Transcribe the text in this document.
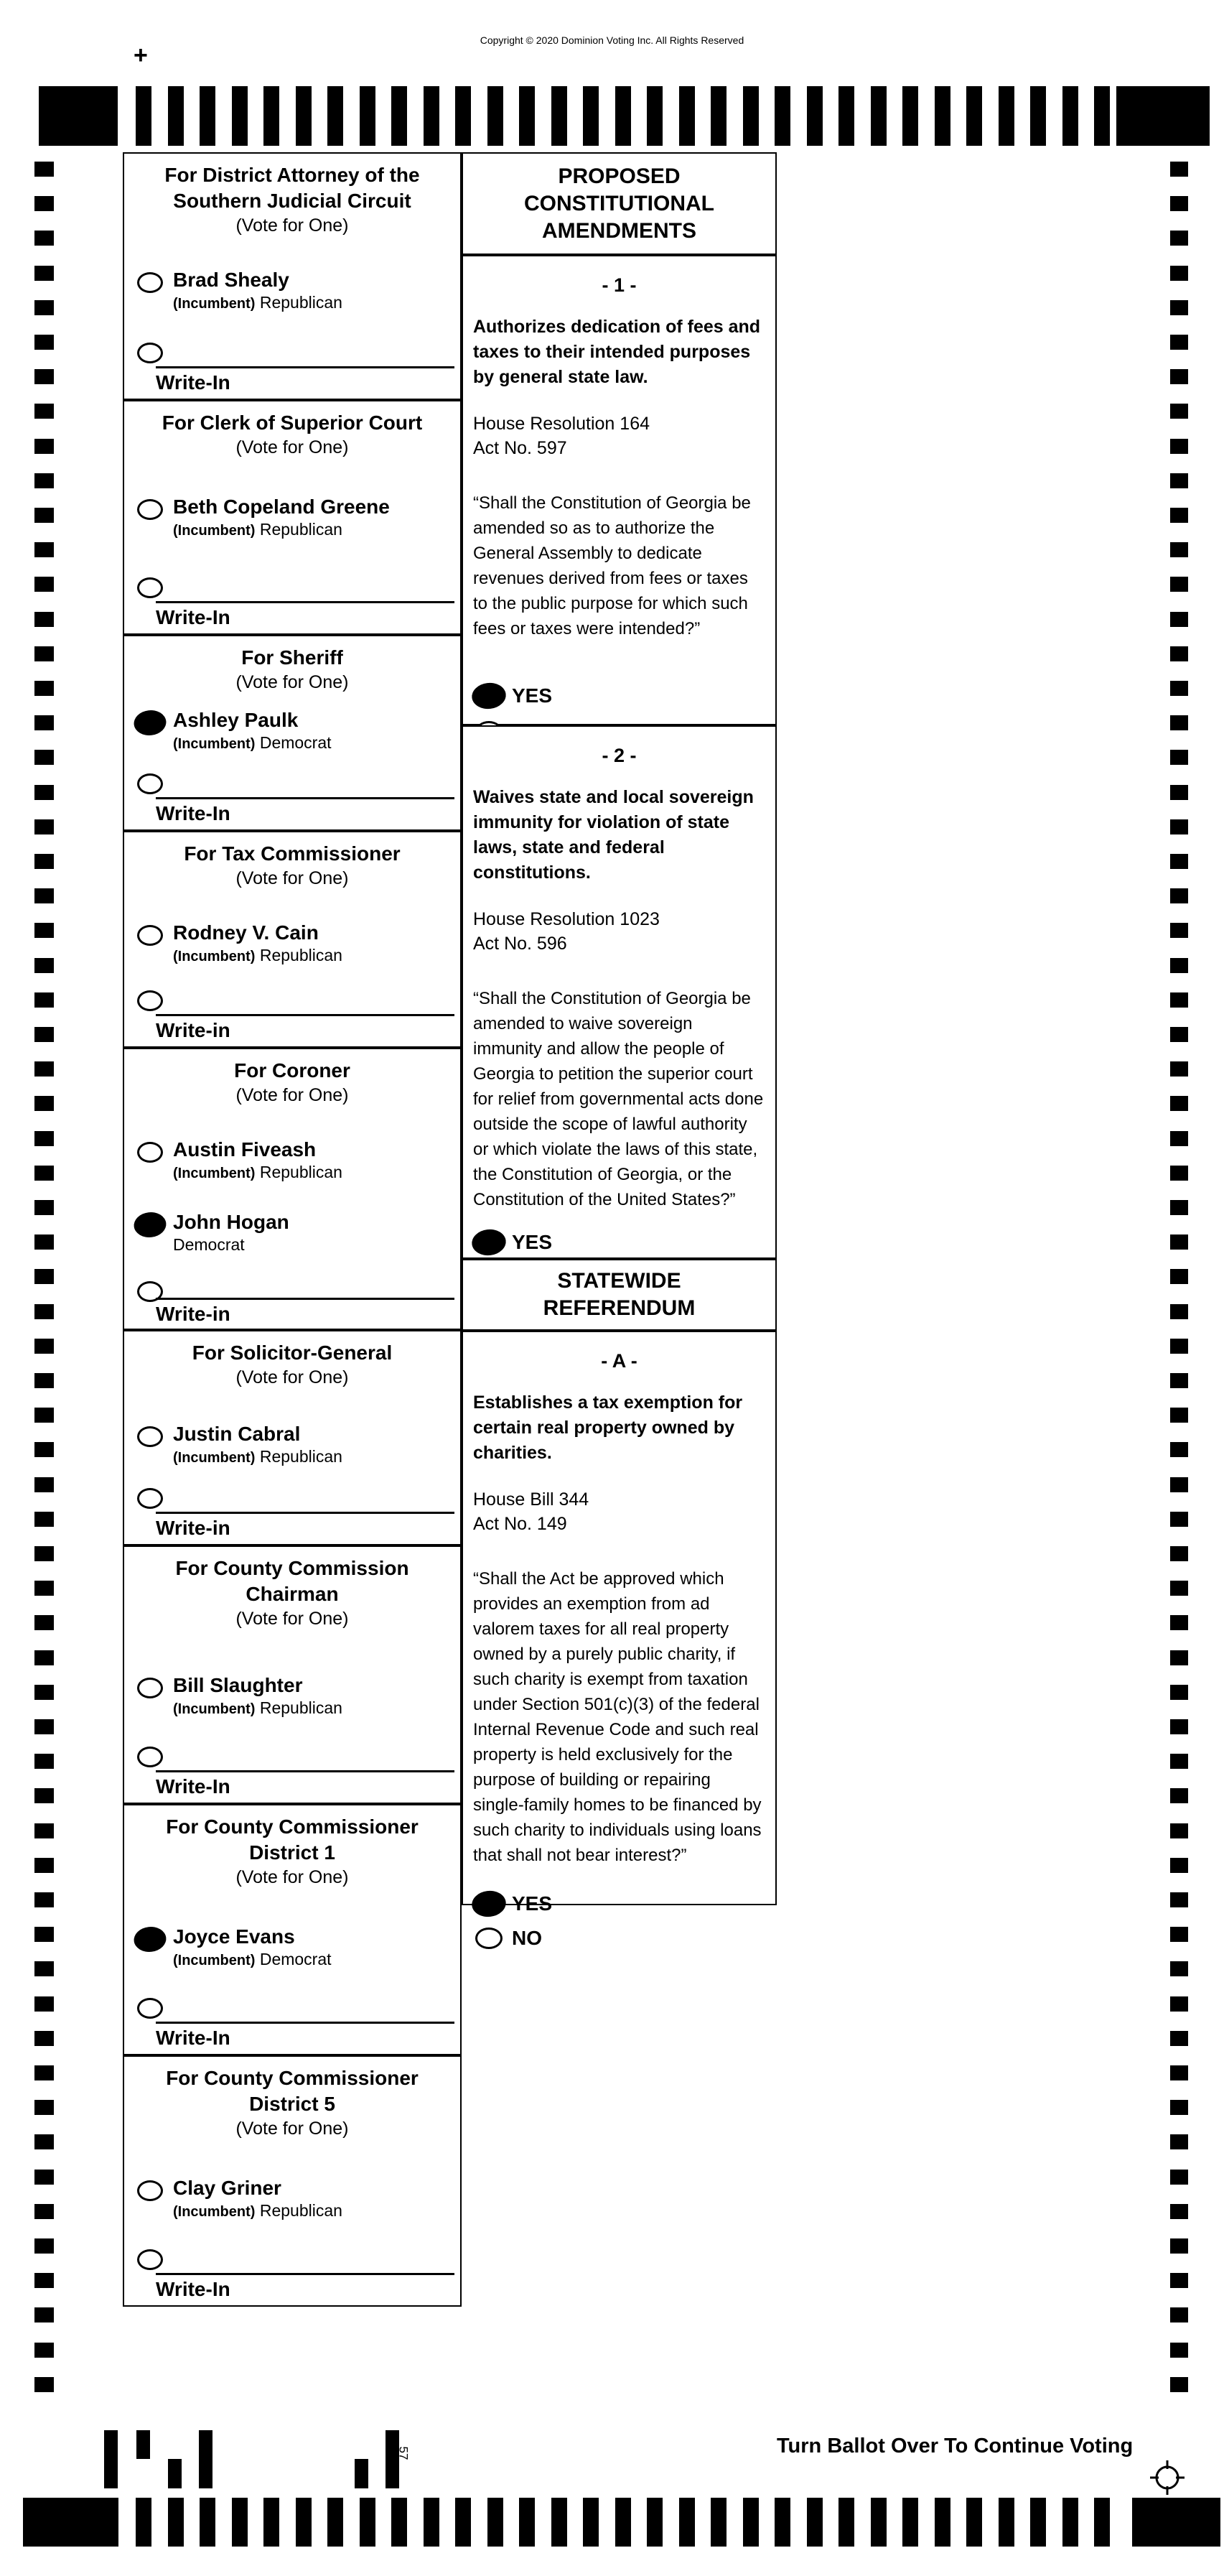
Copyright © 2020 Dominion Voting Inc. All Rights Reserved
+
For District Attorney of the Southern Judicial Circuit
(Vote for One)
Brad Shealy
(Incumbent) Republican
Write-In
For Clerk of Superior Court
(Vote for One)
Beth Copeland Greene
(Incumbent) Republican
Write-In
For Sheriff
(Vote for One)
Ashley Paulk
(Incumbent) Democrat
Write-In
For Tax Commissioner
(Vote for One)
Rodney V. Cain
(Incumbent) Republican
Write-in
For Coroner
(Vote for One)
Austin Fiveash
(Incumbent) Republican
John Hogan
Democrat
Write-in
For Solicitor-General
(Vote for One)
Justin Cabral
(Incumbent) Republican
Write-in
For County Commission Chairman
(Vote for One)
Bill Slaughter
(Incumbent) Republican
Write-In
For County Commissioner District 1
(Vote for One)
Joyce Evans
(Incumbent) Democrat
Write-In
For County Commissioner District 5
(Vote for One)
Clay Griner
(Incumbent) Republican
Write-In
PROPOSED
CONSTITUTIONAL
AMENDMENTS
- 1 -
Authorizes dedication of fees and taxes to their intended purposes by general state law.
House Resolution 164
Act No. 597
“Shall the Constitution of Georgia be amended so as to authorize the General Assembly to dedicate revenues derived from fees or taxes to the public purpose for which such fees or taxes were intended?”
YES
- 2 -
Waives state and local sovereign immunity for violation of state laws, state and federal constitutions.
House Resolution 1023
Act No. 596
“Shall the Constitution of Georgia be amended to waive sovereign immunity and allow the people of Georgia to petition the superior court for relief from governmental acts done outside the scope of lawful authority or which violate the laws of this state, the Constitution of Georgia, or the Constitution of the United States?”
YES
STATEWIDE
REFERENDUM
- A -
Establishes a tax exemption for certain real property owned by charities.
House Bill 344
Act No. 149
“Shall the Act be approved which provides an exemption from ad valorem taxes for all real property owned by a purely public charity, if such charity is exempt from taxation under Section 501(c)(3) of the federal Internal Revenue Code and such real property is held exclusively for the purpose of building or repairing single-family homes to be financed by such charity to individuals using loans that shall not bear interest?”
YES
NO
57	Turn Ballot Over To Continue Voting
